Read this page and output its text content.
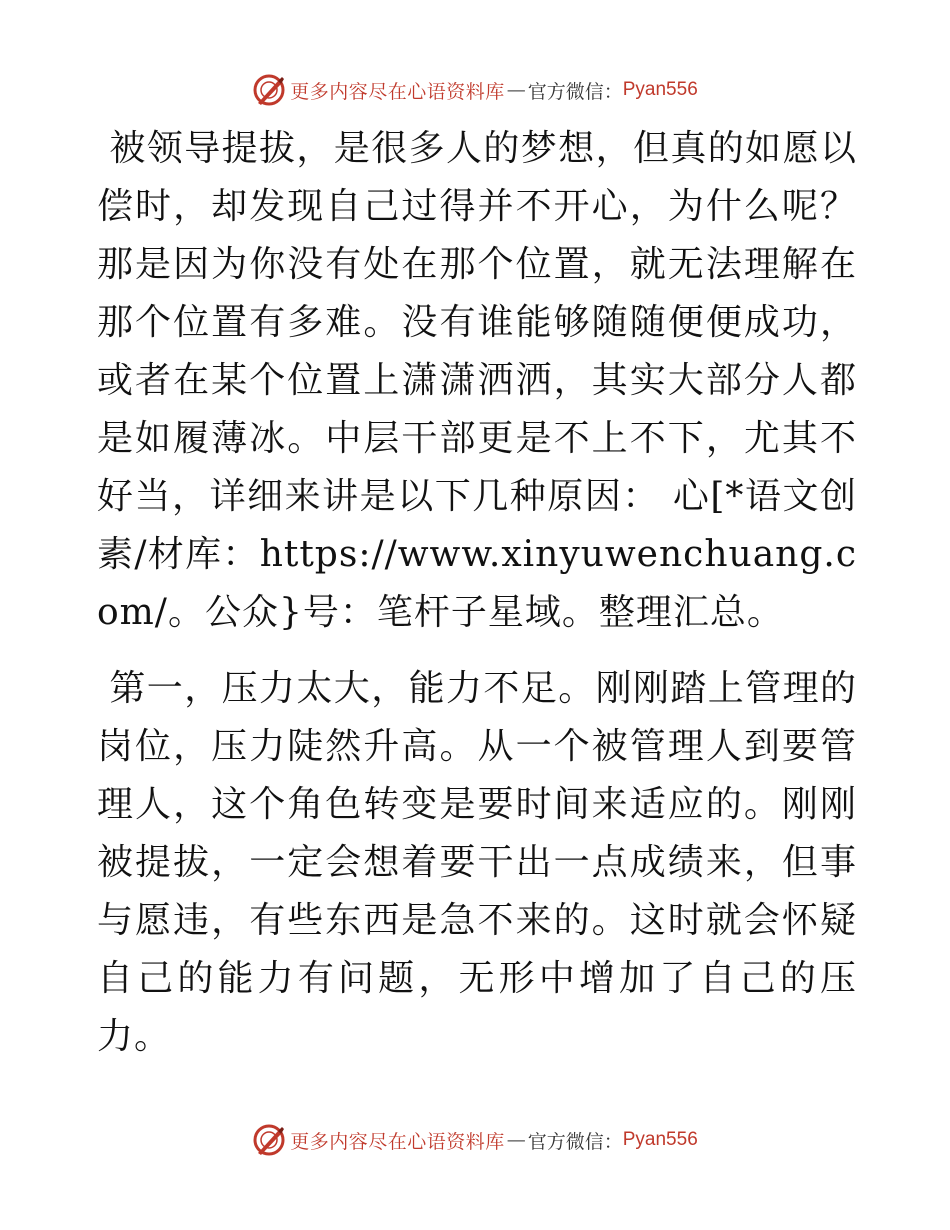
更多内容尽在心语资料库 — 官方微信： Pyan556

被领导提拔，是很多人的梦想，但真的如愿以偿时，却发现自己过得并不开心，为什么呢？那是因为你没有处在那个位置，就无法理解在那个位置有多难。没有谁能够随随便便成功，或者在某个位置上潇潇洒洒，其实大部分人都是如履薄冰。中层干部更是不上不下，尤其不好当，详细来讲是以下几种原因： 心[*语文创素/材库：https://www.xinyuwenchuang.com/。公众}号：笔杆子星域。整理汇总。

第一，压力太大，能力不足。刚刚踏上管理的岗位，压力陡然升高。从一个被管理人到要管理人，这个角色转变是要时间来适应的。刚刚被提拔，一定会想着要干出一点成绩来，但事与愿违，有些东西是急不来的。这时就会怀疑自己的能力有问题，无形中增加了自己的压力。

更多内容尽在心语资料库 — 官方微信： Pyan556
